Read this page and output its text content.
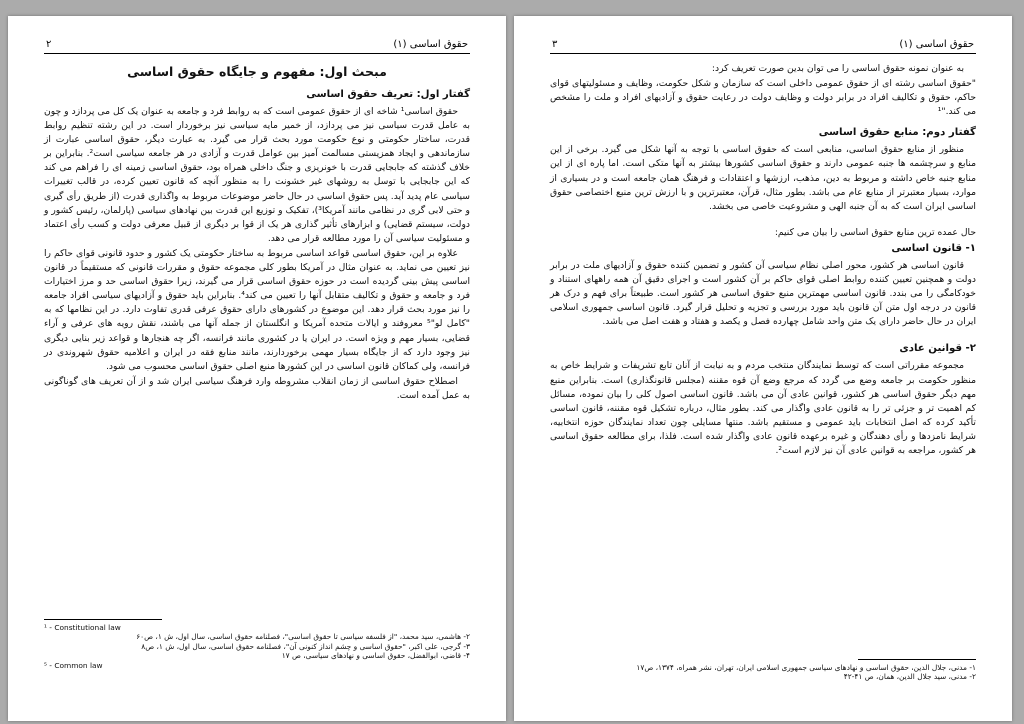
۲	حقوق اساسی (۱)
مبحث اول: مفهوم و جایگاه حقوق اساسی
گفتار اول: تعریف حقوق اساسی

حقوق اساسی¹ شاخه ای از حقوق عمومی است که به روابط فرد و جامعه به عنوان یک کل می پردازد و چون به عامل قدرت سیاسی نیز می پردازد، از خمیر مایه سیاسی نیز برخوردار است. در این رشته تنظیم روابط قدرت، ساختار حکومتی و نوع حکومت مورد بحث قرار می گیرد. به عبارت دیگر، حقوق اساسی عبارت از سازماندهی و ایجاد همزیستی مسالمت آمیز بین عوامل قدرت و آزادی در هر جامعه سیاسی است². بنابراین بر خلاف گذشته که جابجایی قدرت با خونریزی و جنگ داخلی همراه بود، حقوق اساسی زمینه ای را فراهم می کند که این جابجایی با توسل به روشهای غیر خشونت را به منظور آنچه که قانون تعیین کرده، در قالب تغییرات سیاسی عام پدید آید. پس حقوق اساسی در حال حاضر موضوعات مربوط به واگذاری قدرت (از طریق رأی گیری و حتی لابی گری در نظامی مانند آمریکا³)، تفکیک و توزیع این قدرت بین نهادهای سیاسی (پارلمان، رئیس کشور و دولت، سیستم قضایی) و ابزارهای تأثیر گذاری هر یک از قوا بر دیگری از قبیل معرفی دولت و کسب رأی اعتماد و مسئولیت سیاسی آن را مورد مطالعه قرار می دهد.

علاوه بر این، حقوق اساسی قواعد اساسی مربوط به ساختار حکومتی یک کشور و حدود قانونی قوای حاکم را نیز تعیین می نماید. به عنوان مثال در آمریکا بطور کلی مجموعه حقوق و مقررات قانونی که مستقیماً در قانون اساسی پیش بینی گردیده است در حوزه حقوق اساسی قرار می گیرند، زیرا حقوق اساسی حد و مرز اختیارات فرد و جامعه و حقوق و تکالیف متقابل آنها را تعیین می کند⁴. بنابراین باید حقوق و آزادیهای سیاسی افراد جامعه را نیز مورد بحث قرار دهد. این موضوع در کشورهای دارای حقوق عرفی قدری تفاوت دارد. در این نظامها که به "کامل لو"⁵ معروفند و ایالات متحده آمریکا و انگلستان از جمله آنها می باشند، نقش رویه های عرفی و آراء قضایی، بسیار مهم و ویژه است. در ایران یا در کشوری مانند فرانسه، اگر چه هنجارها و قواعد زیر بنایی دیگری نیز وجود دارد که از جایگاه بسیار مهمی برخوردارند، مانند منابع فقه در ایران و اعلامیه حقوق شهروندی در فرانسه، ولی کماکان قانون اساسی در این کشورها منبع اصلی حقوق اساسی محسوب می شود.

اصطلاح حقوق اساسی از زمان انقلاب مشروطه وارد فرهنگ سیاسی ایران شد و از آن تعریف های گوناگونی به عمل آمده است.

¹ - Constitutional law
۲- هاشمی، سید محمد، "از فلسفه سیاسی تا حقوق اساسی"، فصلنامه حقوق اساسی، سال اول، ش ۱، ص۶۰
۳- گرجی، علی اکبر، "حقوق اساسی و چشم انداز کنونی آن"، فصلنامه حقوق اساسی، سال اول، ش ۱، ص۸
۴- قاضی، ابوالفضل، حقوق اساسی و نهادهای سیاسی، ص ۱۷
⁵ - Common law
۳	حقوق اساسی (۱)

به عنوان نمونه حقوق اساسی را می توان بدین صورت تعریف کرد:

"حقوق اساسی رشته ای از حقوق عمومی داخلی است که سازمان و شکل حکومت، وظایف و مسئولیتهای قوای حاکم، حقوق و تکالیف افراد در برابر دولت و وظایف دولت در رعایت حقوق و آزادیهای افراد و ملت را مشخص می کند."¹

گفتار دوم: منابع حقوق اساسی

منظور از منابع حقوق اساسی، منابعی است که حقوق اساسی با توجه به آنها شکل می گیرد. برخی از این منابع و سرچشمه ها جنبه عمومی دارند و حقوق اساسی کشورها بیشتر به آنها متکی است. اما پاره ای از این منابع جنبه خاص داشته و مربوط به دین، مذهب، ارزشها و اعتقادات و فرهنگ همان جامعه است و در بسیاری از موارد، بسیار معتبرتر از منابع عام می باشد. بطور مثال، قرآن، معتبرترین و با ارزش ترین منبع اختصاصی حقوق اساسی ایران است که به آن جنبه الهی و مشروعیت خاصی می بخشد.

حال عمده ترین منابع حقوق اساسی را بیان می کنیم:

۱- قانون اساسی

قانون اساسی هر کشور، محور اصلی نظام سیاسی آن کشور و تضمین کننده حقوق و آزادیهای ملت در برابر دولت و همچنین تعیین کننده روابط اصلی قوای حاکم بر آن کشور است و اجرای دقیق آن همه راههای استناد و خودکامگی را می بندد. قانون اساسی مهمترین منبع حقوق اساسی هر کشور است. طبیعتاً برای فهم و درک هر قانون در درجه اول متن آن قانون باید مورد بررسی و تجزیه و تحلیل قرار گیرد. قانون اساسی جمهوری اسلامی ایران در حال حاضر دارای یک متن واحد شامل چهارده فصل و یکصد و هفتاد و هفت اصل می باشد.

۲- قوانین عادی

مجموعه مقرراتی است که توسط نمایندگان منتخب مردم و به نیابت از آنان تابع تشریفات و شرایط خاص به منظور حکومت بر جامعه وضع می گردد که مرجع وضع آن قوه مقننه (مجلس قانونگذاری) است. بنابراین منبع مهم دیگر حقوق اساسی هر کشور، قوانین عادی آن می باشد. قانون اساسی اصول کلی را بیان نموده، مسائل کم اهمیت تر و جزئی تر را به قانون عادی واگذار می کند. بطور مثال، درباره تشکیل قوه مقننه، قانون اساسی تأکید کرده که اصل انتخابات باید عمومی و مستقیم باشد. منتها مسایلی چون تعداد نمایندگان حوزه انتخابیه، شرایط نامزدها و رأی دهندگان و غیره برعهده قانون عادی واگذار شده است. فلذا، برای مطالعه حقوق اساسی هر کشور، مراجعه به قوانین عادی آن نیز لازم است².

۱- مدنی، جلال الدین، حقوق اساسی و نهادهای سیاسی جمهوری اسلامی ایران، تهران، نشر همراه، ۱۳۷۴، ص۱۷
۲- مدنی، سید جلال الدین، همان، ص ۴۱-۴۲
